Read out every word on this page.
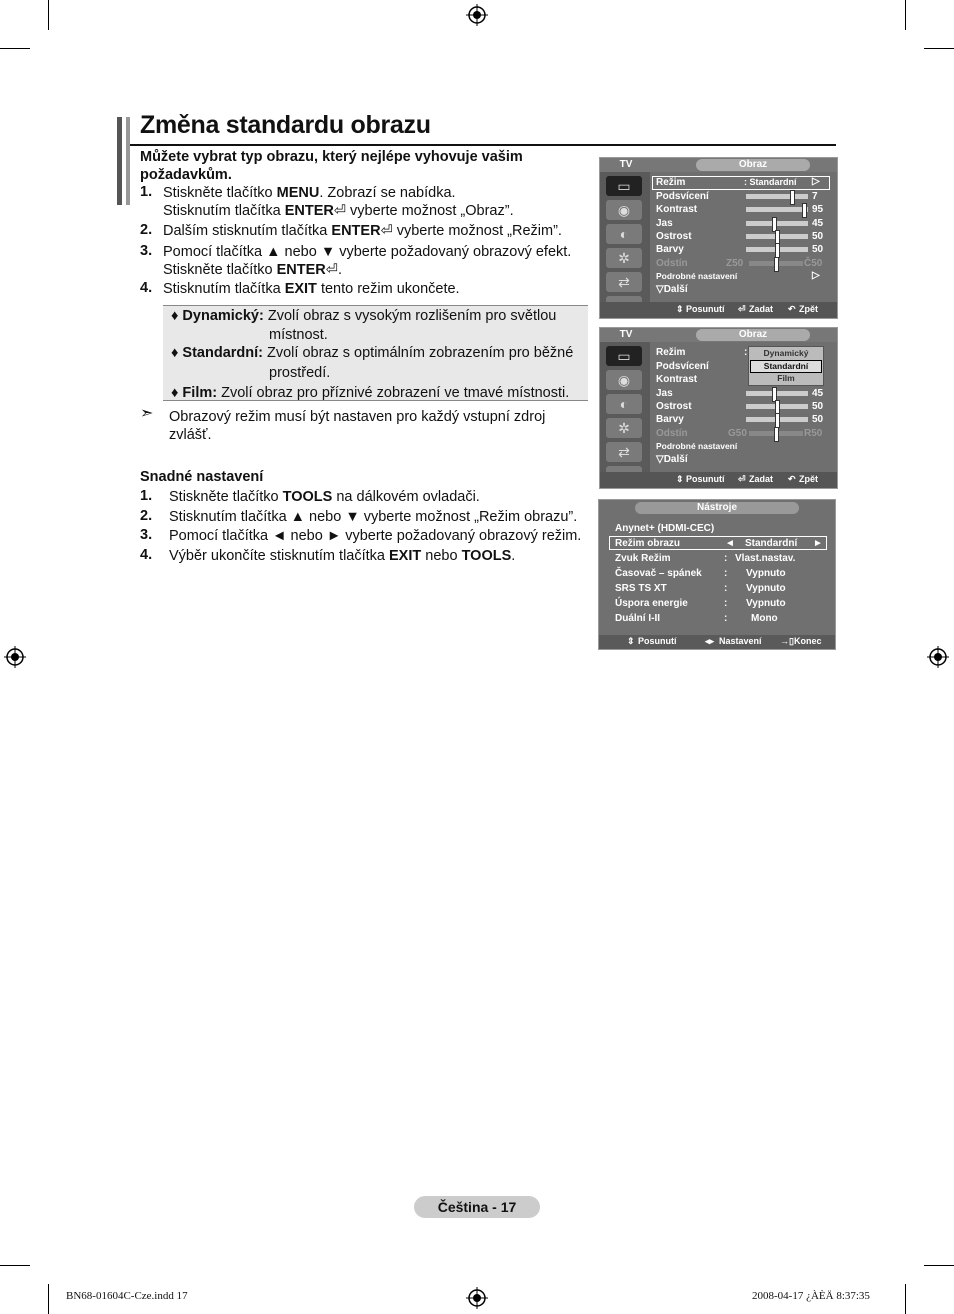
Změna standardu obrazu
Můžete vybrat typ obrazu, který nejlépe vyhovuje vašim požadavkům.
1. Stiskněte tlačítko MENU. Zobrazí se nabídka.
Stisknutím tlačítka ENTER⏎ vyberte možnost „Obraz”.
2. Dalším stisknutím tlačítka ENTER⏎ vyberte možnost „Režim”.
3. Pomocí tlačítka ▲ nebo ▼ vyberte požadovaný obrazový efekt.
Stiskněte tlačítko ENTER⏎.
4. Stisknutím tlačítka EXIT tento režim ukončete.
♦ Dynamický: Zvolí obraz s vysokým rozlišením pro světlou
místnost.
♦ Standardní: Zvolí obraz s optimálním zobrazením pro běžné
prostředí.
♦ Film: Zvolí obraz pro příznivé zobrazení ve tmavé místnosti.
➣ Obrazový režim musí být nastaven pro každý vstupní zdroj
zvlášť.
Snadné nastavení
1. Stiskněte tlačítko TOOLS na dálkovém ovladači.
2. Stisknutím tlačítka ▲ nebo ▼ vyberte možnost „Režim obrazu”.
3. Pomocí tlačítka ◄ nebo ► vyberte požadovaný obrazový režim.
4. Výběr ukončíte stisknutím tlačítka EXIT nebo TOOLS.
TV	Obraz
▭
◉
◐
✲
⇄
Režim	: Standardní ▷
Podsvícení	7
Kontrast	95
Jas	45
Ostrost	50
Barvy	50
Odstín	Z50	Č50
Podrobné nastavení	▷
▽Další
⇕ Posunutí ⏎ Zadat ↶ Zpět
TV	Obraz
▭
◉
◐
✲
⇄
Režim	:
Podsvícení
Kontrast
Jas	45
Ostrost	50
Barvy	50
Odstín	G50	R50
Podrobné nastavení
▽Další
Dynamický
Standardní
Film
⇕ Posunutí ⏎ Zadat ↶ Zpět
Nástroje
Anynet+ (HDMI-CEC)
Režim obrazu	◄ Standardní ►
Zvuk Režim	: Vlast.nastav.
Časovač – spánek : Vypnuto
SRS TS XT	: Vypnuto
Úspora energie	: Vypnuto
Duální I-II	: Mono
⇕ Posunutí	◂▸ Nastavení →▯ Konec
Čeština - 17
BN68-01604C-Cze.indd 17	2008-04-17 ¿ÀÈÄ 8:37:35
